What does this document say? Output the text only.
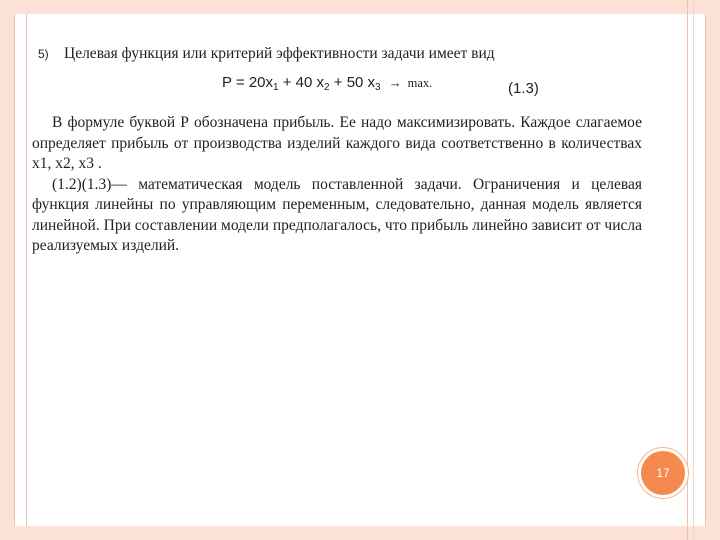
5) Целевая функция или критерий эффективности задачи имеет вид
$P = 20x_1 + 40$ $x_2 + 50$ $x_3 \to \max$.	(1.3)

В формуле буквой Р обозначена прибыль. Ее надо максимизировать. Каждое слагаемое определяет прибыль от производства изделий каждого вида соответственно в количествах x1, x2, x3 .

(1.2)(1.3)— математическая модель поставленной задачи. Ограничения и целевая функция линейны по управляющим переменным, следовательно, данная модель является линейной. При составлении модели предполагалось, что прибыль линейно зависит от числа реализуемых изделий.

17
